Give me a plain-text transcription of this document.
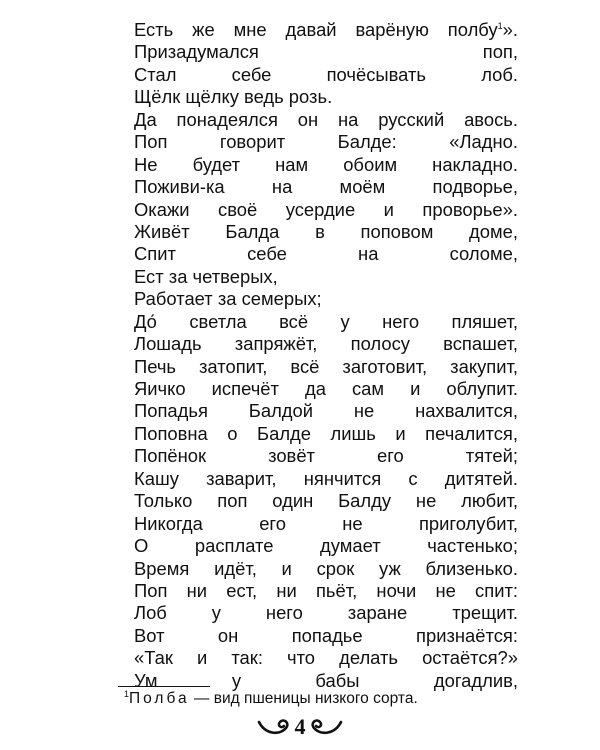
Есть же мне давай варёную полбу$^1$».
Призадумался поп,
Стал себе почёсывать лоб.
Щёлк щёлку ведь розь.
Да понадеялся он на русский авось.
Поп говорит Балде: «Ладно.
Не будет нам обоим накладно.
Поживи-ка на моём подворье,
Окажи своё усердие и проворье».
Живёт Балда в поповом доме,
Спит себе на соломе,
Ест за четверых,
Работает за семерых;
До́ светла всё у него пляшет,
Лошадь запряжёт, полосу вспашет,
Печь затопит, всё заготовит, закупит,
Яичко испечёт да сам и облупит.
Попадья Балдой не нахвалится,
Поповна о Балде лишь и печалится,
Попёнок зовёт его тятей;
Кашу заварит, нянчится с дитятей.
Только поп один Балду не любит,
Никогда его не приголубит,
О расплате думает частенько;
Время идёт, и срок уж близенько.
Поп ни ест, ни пьёт, ночи не спит:
Лоб у него заране трещит.
Вот он попадье признаётся:
«Так и так: что делать остаётся?»
Ум у бабы догадлив,
$^1$Полба — вид пшеницы низкого сорта.
4
